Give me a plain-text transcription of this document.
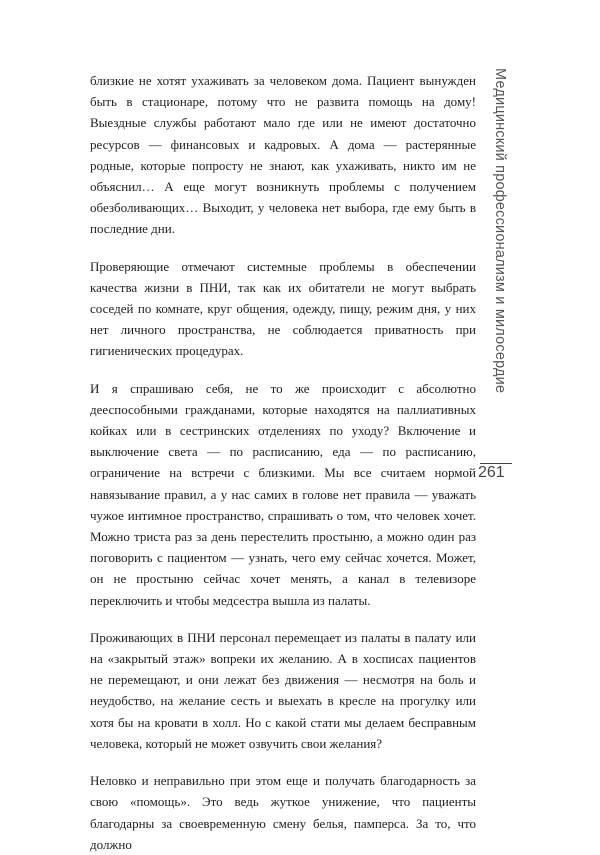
близкие не хотят ухаживать за человеком дома. Пациент вынужден быть в стационаре, потому что не развита помощь на дому! Выездные службы работают мало где или не имеют достаточно ресурсов — финансовых и кадровых. А дома — растерянные родные, которые попросту не знают, как ухаживать, никто им не объяснил… А еще могут возникнуть проблемы с получением обезболивающих… Выходит, у человека нет выбора, где ему быть в последние дни.

Проверяющие отмечают системные проблемы в обеспечении качества жизни в ПНИ, так как их обитатели не могут выбрать соседей по комнате, круг общения, одежду, пищу, режим дня, у них нет личного пространства, не соблюдается приватность при гигиенических процедурах.

И я спрашиваю себя, не то же происходит с абсолютно дееспособными гражданами, которые находятся на паллиативных койках или в сестринских отделениях по уходу? Включение и выключение света — по расписанию, еда — по расписанию, ограничение на встречи с близкими. Мы все считаем нормой навязывание правил, а у нас самих в голове нет правила — уважать чужое интимное пространство, спрашивать о том, что человек хочет. Можно триста раз за день перестелить простыню, а можно один раз поговорить с пациентом — узнать, чего ему сейчас хочется. Может, он не простыню сейчас хочет менять, а канал в телевизоре переключить и чтобы медсестра вышла из палаты.

Проживающих в ПНИ персонал перемещает из палаты в палату или на «закрытый этаж» вопреки их желанию. А в хосписах пациентов не перемещают, и они лежат без движения — несмотря на боль и неудобство, на желание сесть и выехать в кресле на прогулку или хотя бы на кровати в холл. Но с какой стати мы делаем бесправным человека, который не может озвучить свои желания?

Неловко и неправильно при этом еще и получать благодарность за свою «помощь». Это ведь жуткое унижение, что пациенты благодарны за своевременную смену белья, памперса. За то, что должно

Медицинский профессионализм и милосердие
261
